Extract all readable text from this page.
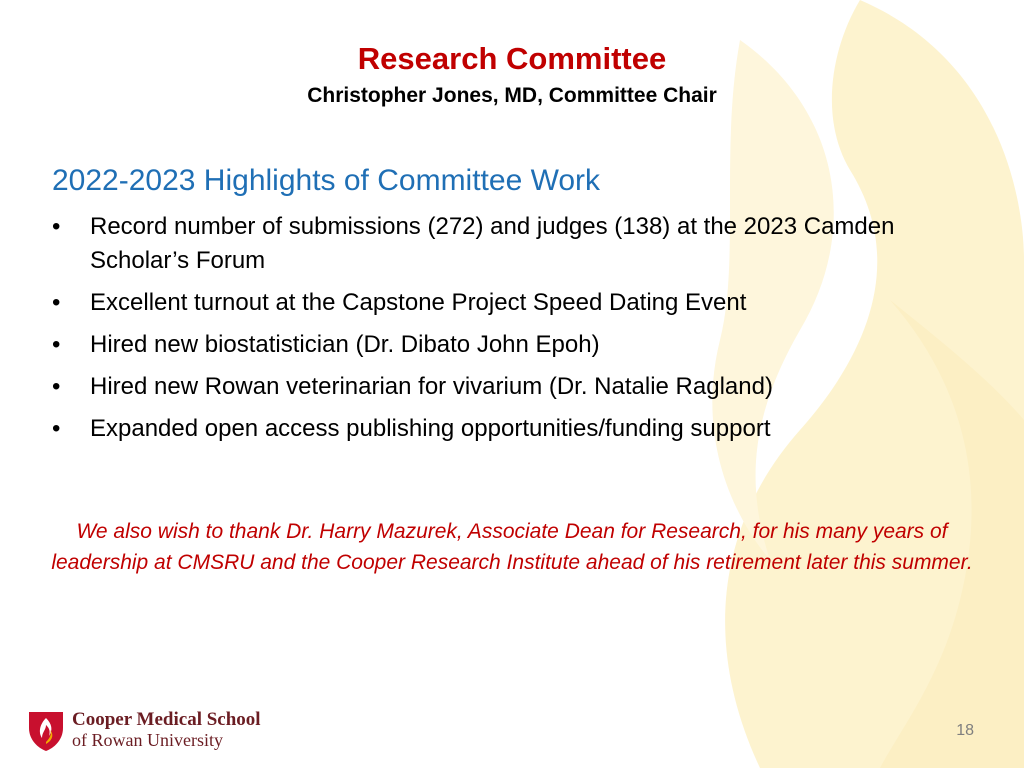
Research Committee
Christopher Jones, MD, Committee Chair
2022-2023 Highlights of Committee Work
•	Record number of submissions (272) and judges (138) at the 2023 Camden Scholar’s Forum
•	Excellent turnout at the Capstone Project Speed Dating Event
•	Hired new biostatistician (Dr. Dibato John Epoh)
•	Hired new Rowan veterinarian for vivarium (Dr. Natalie Ragland)
•	Expanded open access publishing opportunities/funding support
We also wish to thank Dr. Harry Mazurek, Associate Dean for Research, for his many years of leadership at CMSRU and the Cooper Research Institute ahead of his retirement later this summer.
Cooper Medical School
of Rowan University	18
